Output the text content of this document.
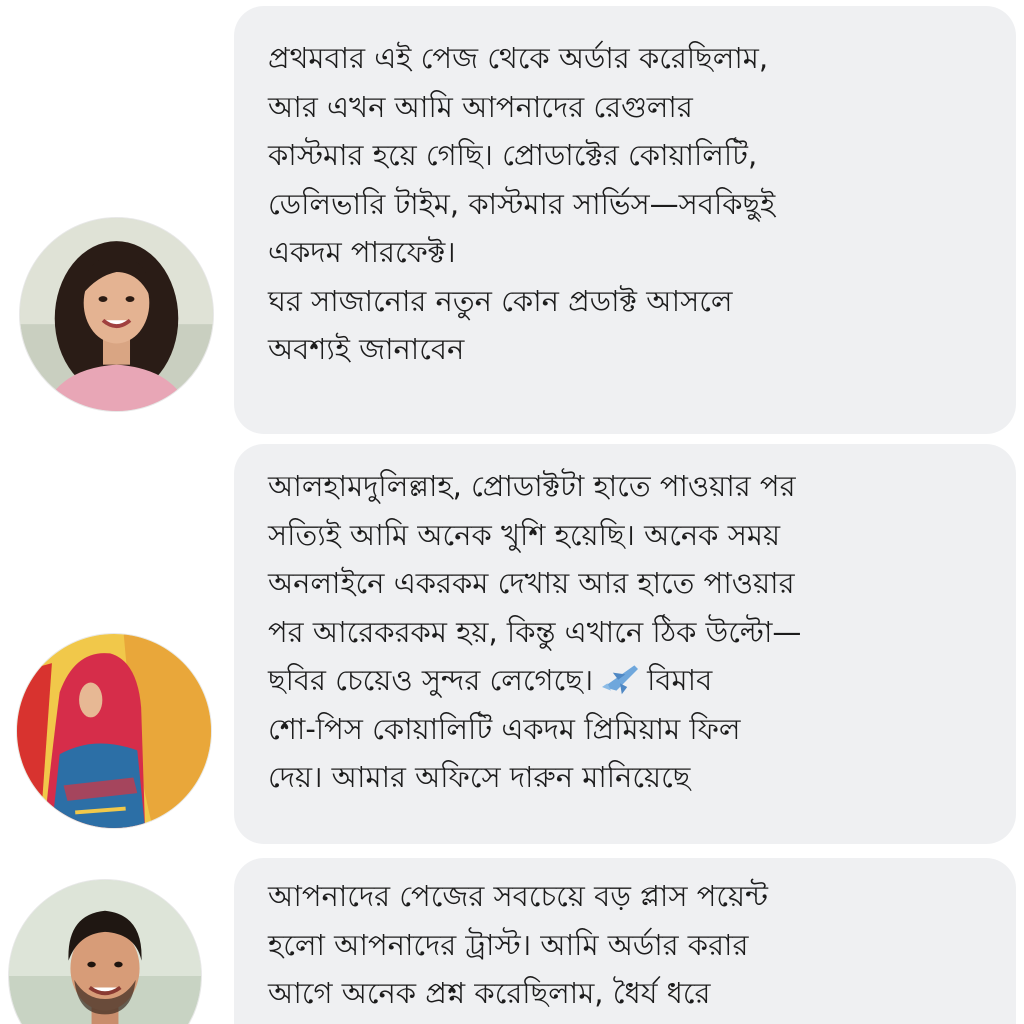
প্রথমবার এই পেজ থেকে অর্ডার করেছিলাম,
আর এখন আমি আপনাদের রেগুলার
কাস্টমার হয়ে গেছি। প্রোডাক্টের কোয়ালিটি,
ডেলিভারি টাইম, কাস্টমার সার্ভিস—সবকিছুই
একদম পারফেক্ট।
ঘর সাজানোর নতুন কোন প্রডাক্ট আসলে
অবশ্যই জানাবেন

আলহামদুলিল্লাহ, প্রোডাক্টটা হাতে পাওয়ার পর
সত্যিই আমি অনেক খুশি হয়েছি। অনেক সময়
অনলাইনে একরকম দেখায় আর হাতে পাওয়ার
পর আরেকরকম হয়, কিন্তু এখানে ঠিক উল্টো—
ছবির চেয়েও সুন্দর লেগেছে। বিমাব
শো-পিস কোয়ালিটি একদম প্রিমিয়াম ফিল
দেয়। আমার অফিসে দারুন মানিয়েছে

আপনাদের পেজের সবচেয়ে বড় প্লাস পয়েন্ট
হলো আপনাদের ট্রাস্ট। আমি অর্ডার করার
আগে অনেক প্রশ্ন করেছিলাম, ধৈর্য ধরে
